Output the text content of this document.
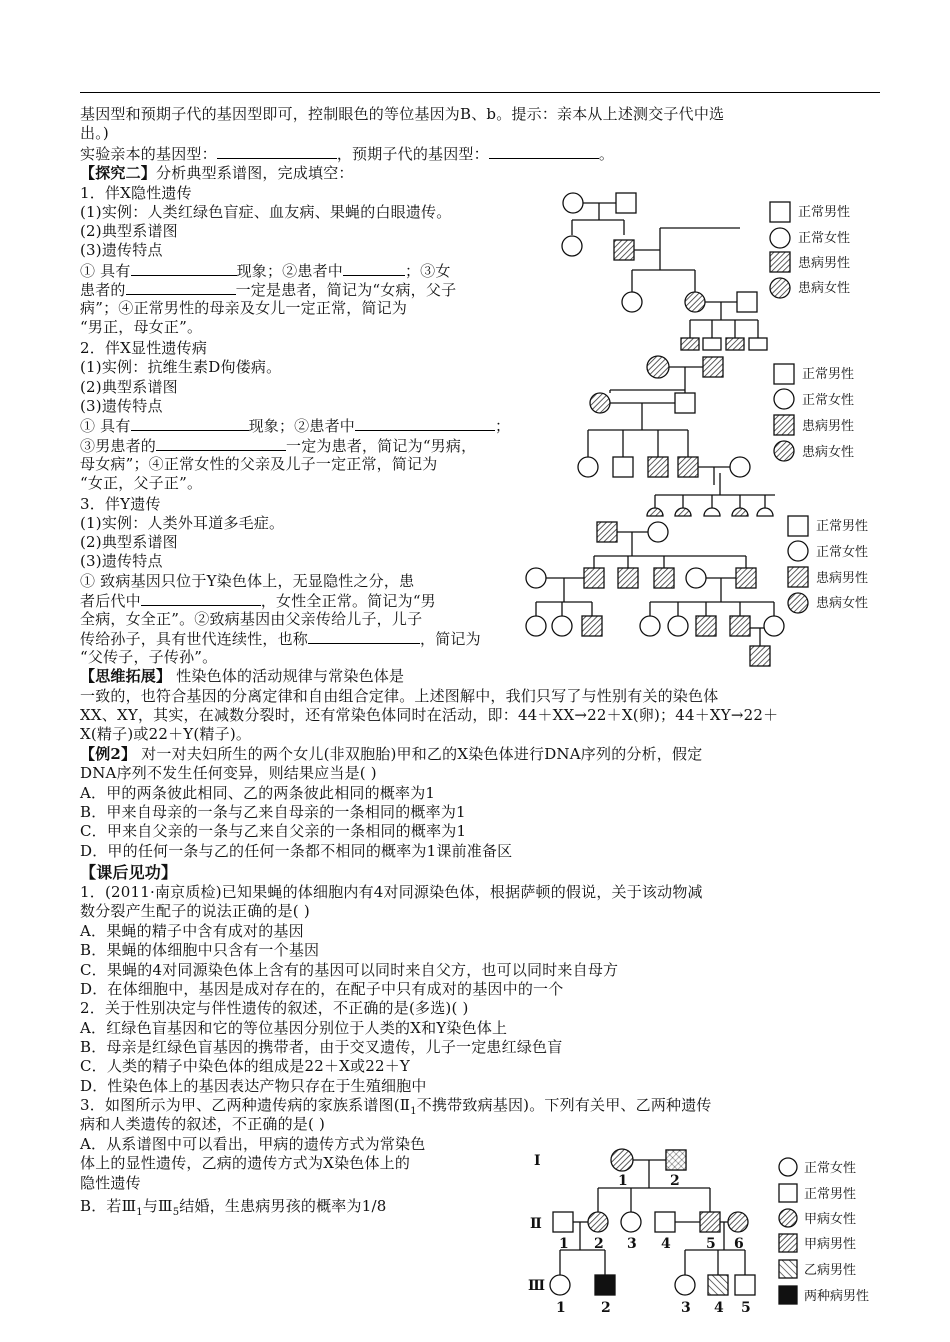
基因型和预期子代的基因型即可，控制眼色的等位基因为B、b。提示：亲本从上述测交子代中选
出。)
实验亲本的基因型：	，预期子代的基因型：	。
【探究二】分析典型系谱图，完成填空：
1．伴X隐性遗传
(1)实例：人类红绿色盲症、血友病、果蝇的白眼遗传。
(2)典型系谱图
(3)遗传特点
① 具有	现象；②患者中	；③女
患者的	一定是患者，简记为“女病，父子
病”；④正常男性的母亲及女儿一定正常，简记为
“男正，母女正”。
2．伴X显性遗传病
(1)实例：抗维生素D佝偻病。
(2)典型系谱图
(3)遗传特点
① 具有	现象；②患者中	；
③男患者的	一定为患者，简记为“男病，
母女病”；④正常女性的父亲及儿子一定正常，简记为
“女正，父子正”。
3．伴Y遗传
(1)实例：人类外耳道多毛症。
(2)典型系谱图
(3)遗传特点
① 致病基因只位于Y染色体上，无显隐性之分，患
者后代中	，女性全正常。简记为“男
全病，女全正”。②致病基因由父亲传给儿子，儿子
传给孙子，具有世代连续性，也称	，简记为
“父传子，子传孙”。
【思维拓展】 性染色体的活动规律与常染色体是
一致的，也符合基因的分离定律和自由组合定律。上述图解中，我们只写了与性别有关的染色体
XX、XY，其实，在减数分裂时，还有常染色体同时在活动，即：44＋XX→22＋X(卵)；44＋XY→22＋
X(精子)或22＋Y(精子)。
【例2】 对一对夫妇所生的两个女儿(非双胞胎)甲和乙的X染色体进行DNA序列的分析，假定
DNA序列不发生任何变异，则结果应当是( )
A．甲的两条彼此相同、乙的两条彼此相同的概率为1
B．甲来自母亲的一条与乙来自母亲的一条相同的概率为1
C．甲来自父亲的一条与乙来自父亲的一条相同的概率为1
D．甲的任何一条与乙的任何一条都不相同的概率为1课前准备区
【课后见功】
1．(2011·南京质检)已知果蝇的体细胞内有4对同源染色体，根据萨顿的假说，关于该动物减
数分裂产生配子的说法正确的是( )
A．果蝇的精子中含有成对的基因
B．果蝇的体细胞中只含有一个基因
C．果蝇的4对同源染色体上含有的基因可以同时来自父方，也可以同时来自母方
D．在体细胞中，基因是成对存在的，在配子中只有成对的基因中的一个
2．关于性别决定与伴性遗传的叙述，不正确的是(多选)( )
A．红绿色盲基因和它的等位基因分别位于人类的X和Y染色体上
B．母亲是红绿色盲基因的携带者，由于交叉遗传，儿子一定患红绿色盲
C．人类的精子中染色体的组成是22＋X或22＋Y
D．性染色体上的基因表达产物只存在于生殖细胞中
3．如图所示为甲、乙两种遗传病的家族系谱图($Ⅱ_1$不携带致病基因)。下列有关甲、乙两种遗传
病和人类遗传的叙述，不正确的是( )
A．从系谱图中可以看出，甲病的遗传方式为常染色
体上的显性遗传，乙病的遗传方式为X染色体上的
隐性遗传
B．若$Ⅲ_1$与$Ⅲ_5$结婚，生患病男孩的概率为1/8
正常男性
正常女性
患病男性
患病女性
正常男性
正常女性
患病男性
患病女性
正常男性
正常女性
患病男性
患病女性
Ⅰ
Ⅱ
Ⅲ
1	2
1 2 3 4	5 6
1	2	3 4 5
正常女性
正常男性
甲病女性
甲病男性
乙病男性
两种病男性
